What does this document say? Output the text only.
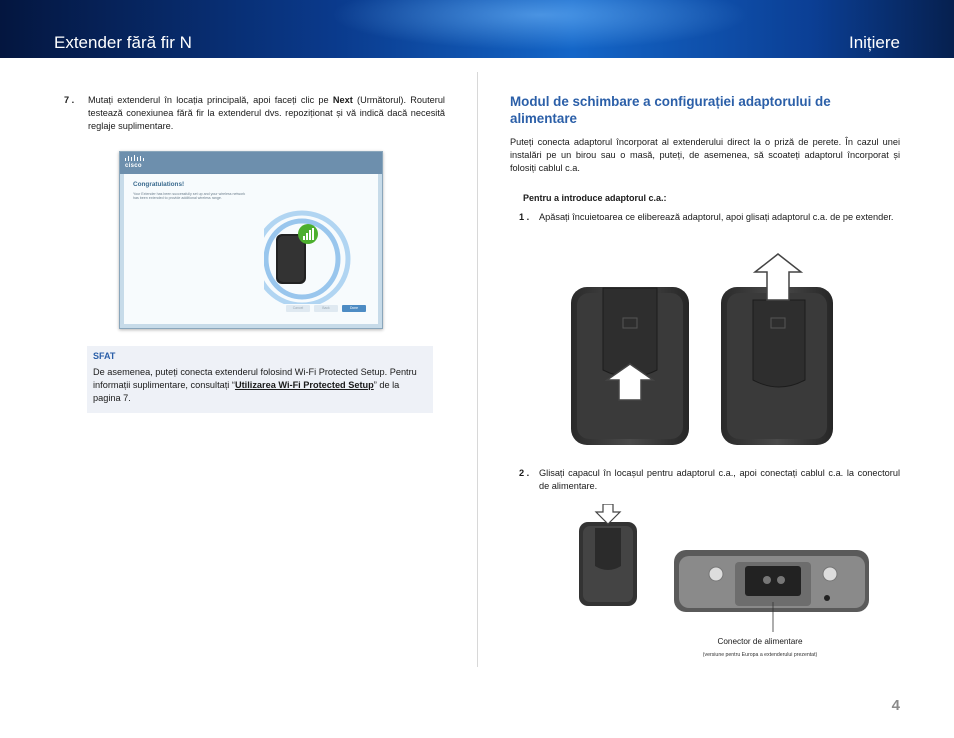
Extender fără fir N	Inițiere
7 . Mutați extenderul în locația principală, apoi faceți clic pe Next (Următorul). Routerul testează conexiunea fără fir la extenderul dvs. repoziționat și vă indică dacă necesită reglaje suplimentare.
cisco
Congratulations!
Your Extender has been successfully set up and your wireless network has been extended to provide additional wireless range.
Cancel	Back	Done
SFAT
De asemenea, puteți conecta extenderul folosind Wi-Fi Protected Setup. Pentru informații suplimentare, consultați “Utilizarea Wi-Fi Protected Setup” de la pagina 7.
Modul de schimbare a configurației adaptorului de alimentare
Puteți conecta adaptorul încorporat al extenderului direct la o priză de perete. În cazul unei instalări pe un birou sau o masă, puteți, de asemenea, să scoateți adaptorul încorporat și folosiți cablul c.a.
Pentru a introduce adaptorul c.a.:
1 . Apăsați încuietoarea ce eliberează adaptorul, apoi glisați adaptorul c.a. de pe extender.
2 . Glisați capacul în locașul pentru adaptorul c.a., apoi conectați cablul c.a. la conectorul de alimentare.
Conector de alimentare
(versiune pentru Europa a extenderului prezentat)
4
